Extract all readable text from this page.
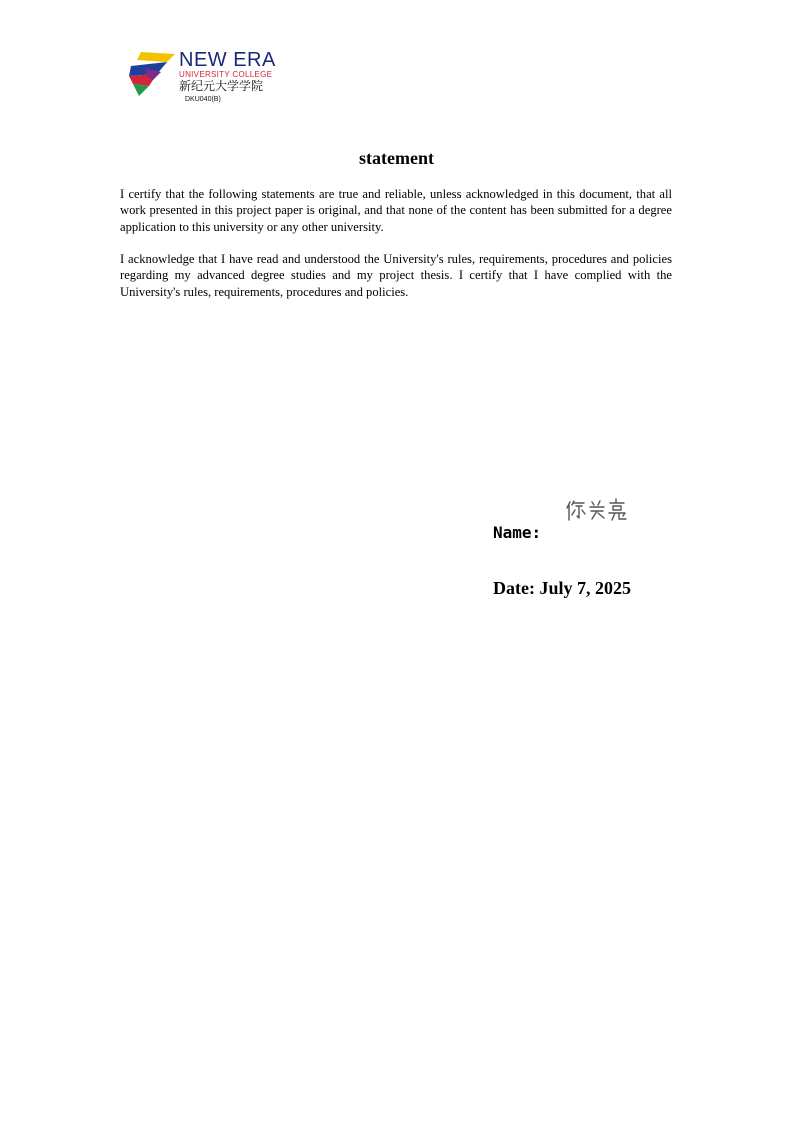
NEW ERA
UNIVERSITY COLLEGE
新纪元大学学院
DKU040(B)
statement

I certify that the following statements are true and reliable, unless acknowledged in this document, that all work presented in this project paper is original, and that none of the content has been submitted for a degree application to this university or any other university.

I acknowledge that I have read and understood the University's rules, requirements, procedures and policies regarding my advanced degree studies and my project thesis. I certify that I have complied with the University's rules, requirements, procedures and policies.

Name:
Date: July 7, 2025
